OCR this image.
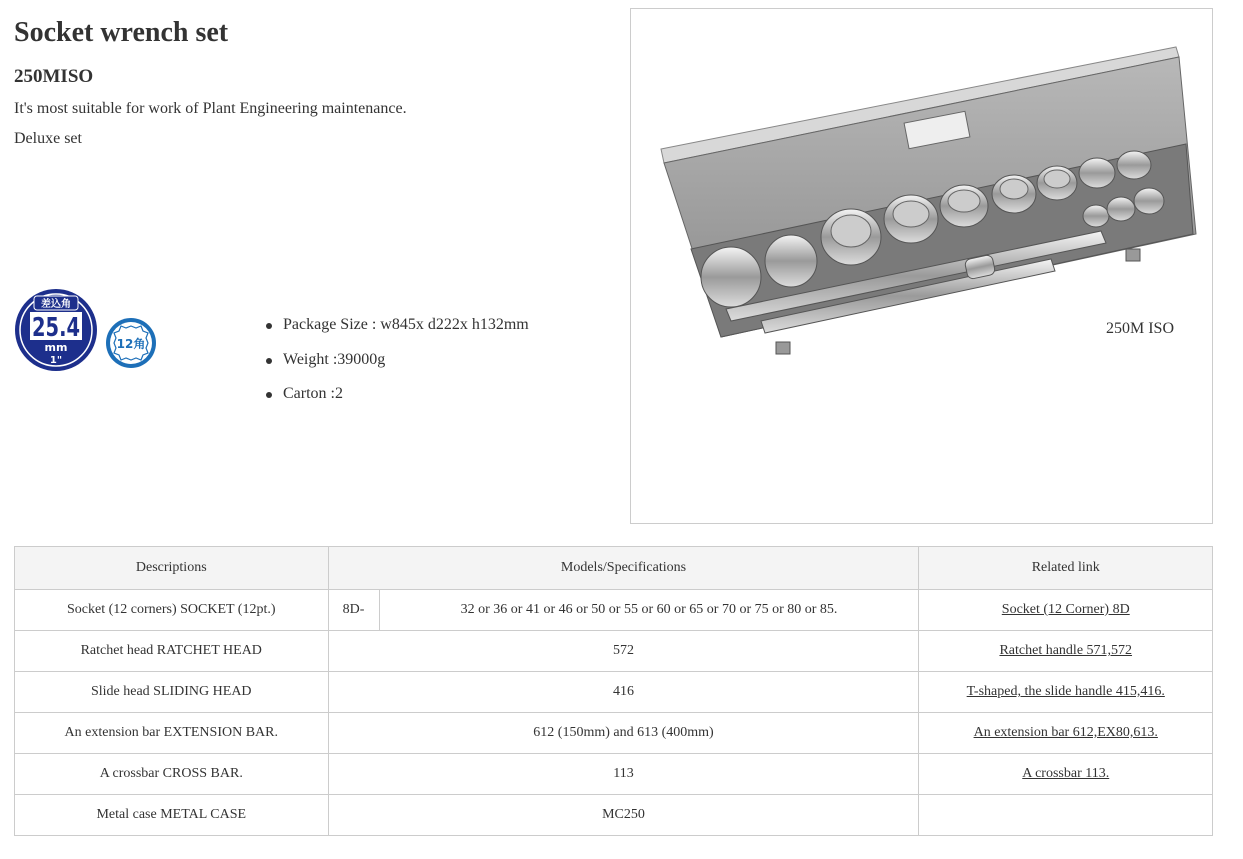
Socket wrench set
250MISO

It's most suitable for work of Plant Engineering maintenance.

Deluxe set

差込角
25.4
mm
1"
12角
Package Size : w845x d222x h132mm
Weight :39000g
Carton :2
250M ISO
Descriptions	Models/Specifications		Related link
Socket (12 corners) SOCKET (12pt.)	8D-	32 or 36 or 41 or 46 or 50 or 55 or 60 or 65 or 70 or 75 or 80 or 85.	Socket (12 Corner) 8D
Ratchet head RATCHET HEAD	572		Ratchet handle 571,572
Slide head SLIDING HEAD	416		T-shaped, the slide handle 415,416.
An extension bar EXTENSION BAR.	612 (150mm) and 613 (400mm)		An extension bar 612,EX80,613.
A crossbar CROSS BAR.	113		A crossbar 113.
Metal case METAL CASE	MC250		
